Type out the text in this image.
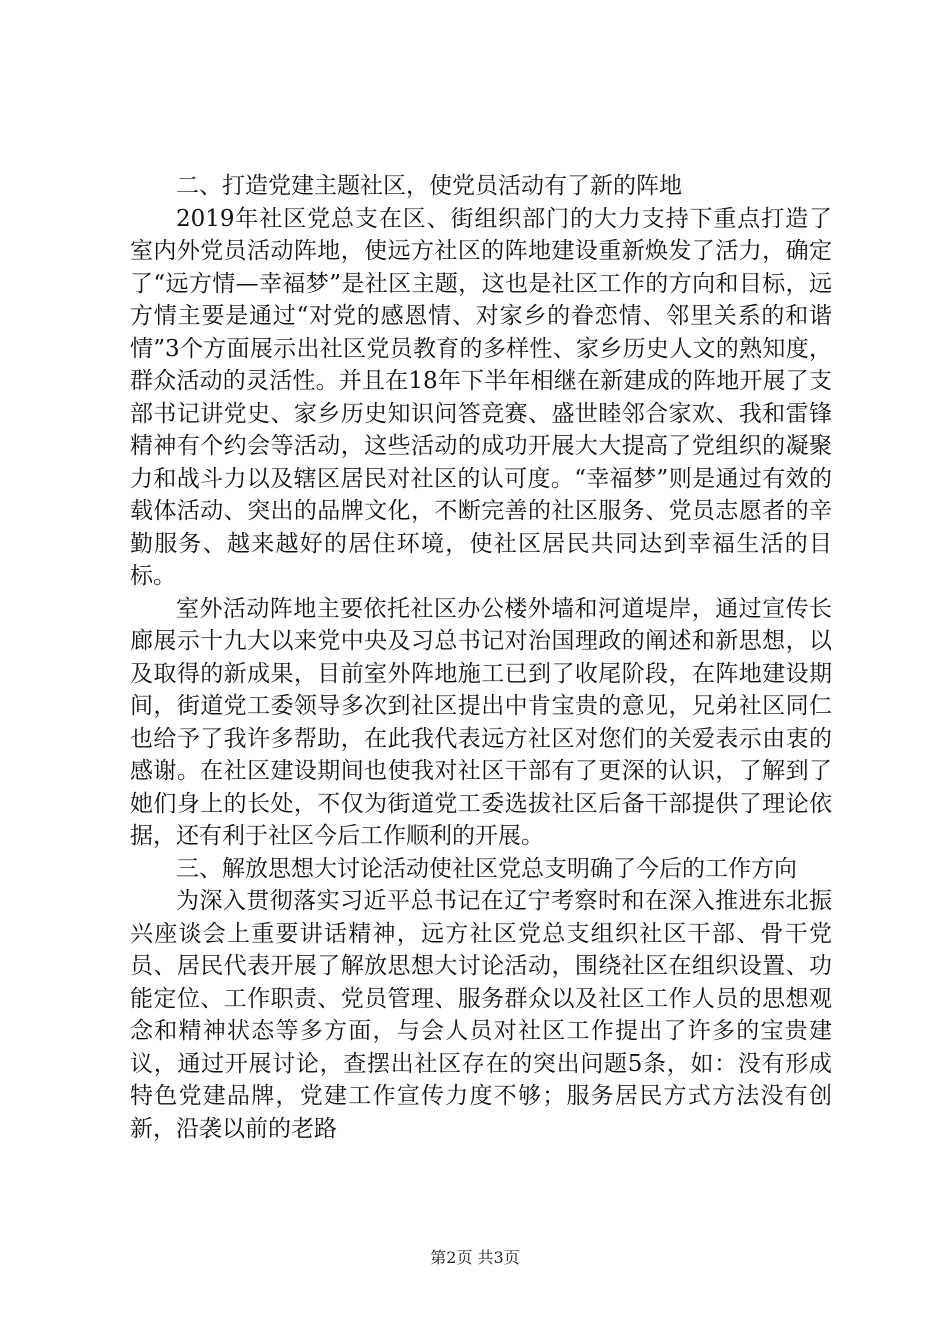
二、打造党建主题社区，使党员活动有了新的阵地

2019年社区党总支在区、街组织部门的大力支持下重点打造了室内外党员活动阵地，使远方社区的阵地建设重新焕发了活力，确定了“远方情—幸福梦”是社区主题，这也是社区工作的方向和目标，远方情主要是通过“对党的感恩情、对家乡的眷恋情、邻里关系的和谐情”3个方面展示出社区党员教育的多样性、家乡历史人文的熟知度，群众活动的灵活性。并且在18年下半年相继在新建成的阵地开展了支部书记讲党史、家乡历史知识问答竞赛、盛世睦邻合家欢、我和雷锋精神有个约会等活动，这些活动的成功开展大大提高了党组织的凝聚力和战斗力以及辖区居民对社区的认可度。“幸福梦”则是通过有效的载体活动、突出的品牌文化，不断完善的社区服务、党员志愿者的辛勤服务、越来越好的居住环境，使社区居民共同达到幸福生活的目标。

室外活动阵地主要依托社区办公楼外墙和河道堤岸，通过宣传长廊展示十九大以来党中央及习总书记对治国理政的阐述和新思想，以及取得的新成果，目前室外阵地施工已到了收尾阶段，在阵地建设期间，街道党工委领导多次到社区提出中肯宝贵的意见，兄弟社区同仁也给予了我许多帮助，在此我代表远方社区对您们的关爱表示由衷的感谢。在社区建设期间也使我对社区干部有了更深的认识，了解到了她们身上的长处，不仅为街道党工委选拔社区后备干部提供了理论依据，还有利于社区今后工作顺利的开展。

三、解放思想大讨论活动使社区党总支明确了今后的工作方向

为深入贯彻落实习近平总书记在辽宁考察时和在深入推进东北振兴座谈会上重要讲话精神，远方社区党总支组织社区干部、骨干党员、居民代表开展了解放思想大讨论活动，围绕社区在组织设置、功能定位、工作职责、党员管理、服务群众以及社区工作人员的思想观念和精神状态等多方面，与会人员对社区工作提出了许多的宝贵建议，通过开展讨论，查摆出社区存在的突出问题5条，如：没有形成特色党建品牌，党建工作宣传力度不够；服务居民方式方法没有创新，沿袭以前的老路

第2页 共3页
